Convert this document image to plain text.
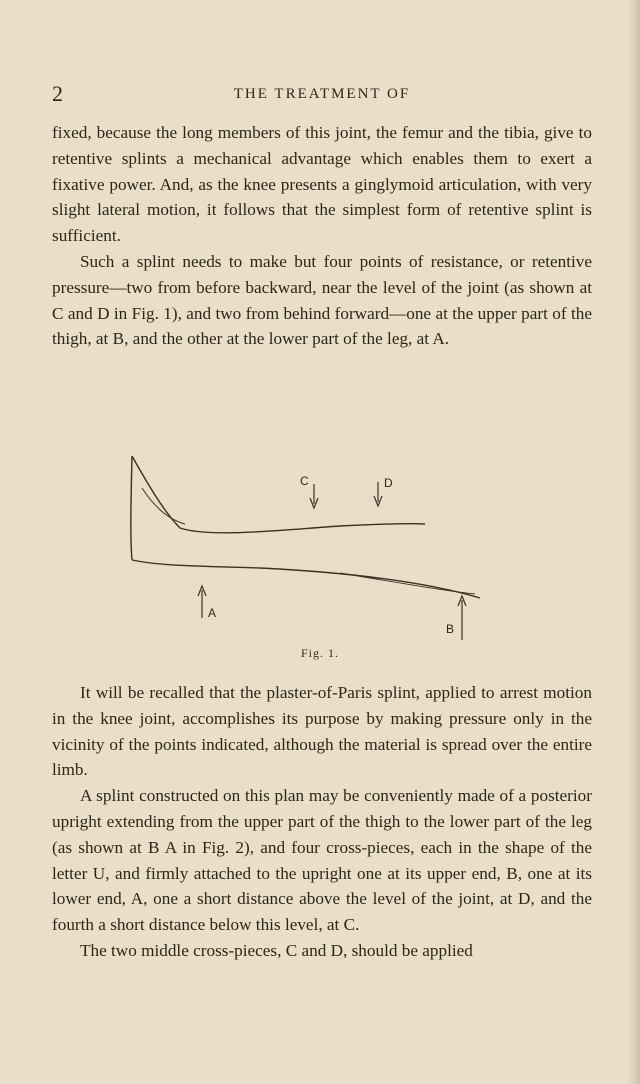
2	THE TREATMENT OF

fixed, because the long members of this joint, the femur and the tibia, give to retentive splints a mechanical advantage which enables them to exert a fixative power. And, as the knee presents a ginglymoid articulation, with very slight lateral motion, it follows that the simplest form of retentive splint is sufficient.

Such a splint needs to make but four points of resistance, or retentive pressure—two from before backward, near the level of the joint (as shown at C and D in Fig. 1), and two from behind forward—one at the upper part of the thigh, at B, and the other at the lower part of the leg, at A.

C	D
A
B
Fig. 1.

It will be recalled that the plaster-of-Paris splint, applied to arrest motion in the knee joint, accomplishes its purpose by making pressure only in the vicinity of the points indicated, although the material is spread over the entire limb.

A splint constructed on this plan may be conveniently made of a posterior upright extending from the upper part of the thigh to the lower part of the leg (as shown at B A in Fig. 2), and four cross-pieces, each in the shape of the letter U, and firmly attached to the upright one at its upper end, B, one at its lower end, A, one a short distance above the level of the joint, at D, and the fourth a short distance below this level, at C.

The two middle cross-pieces, C and D, should be applied
